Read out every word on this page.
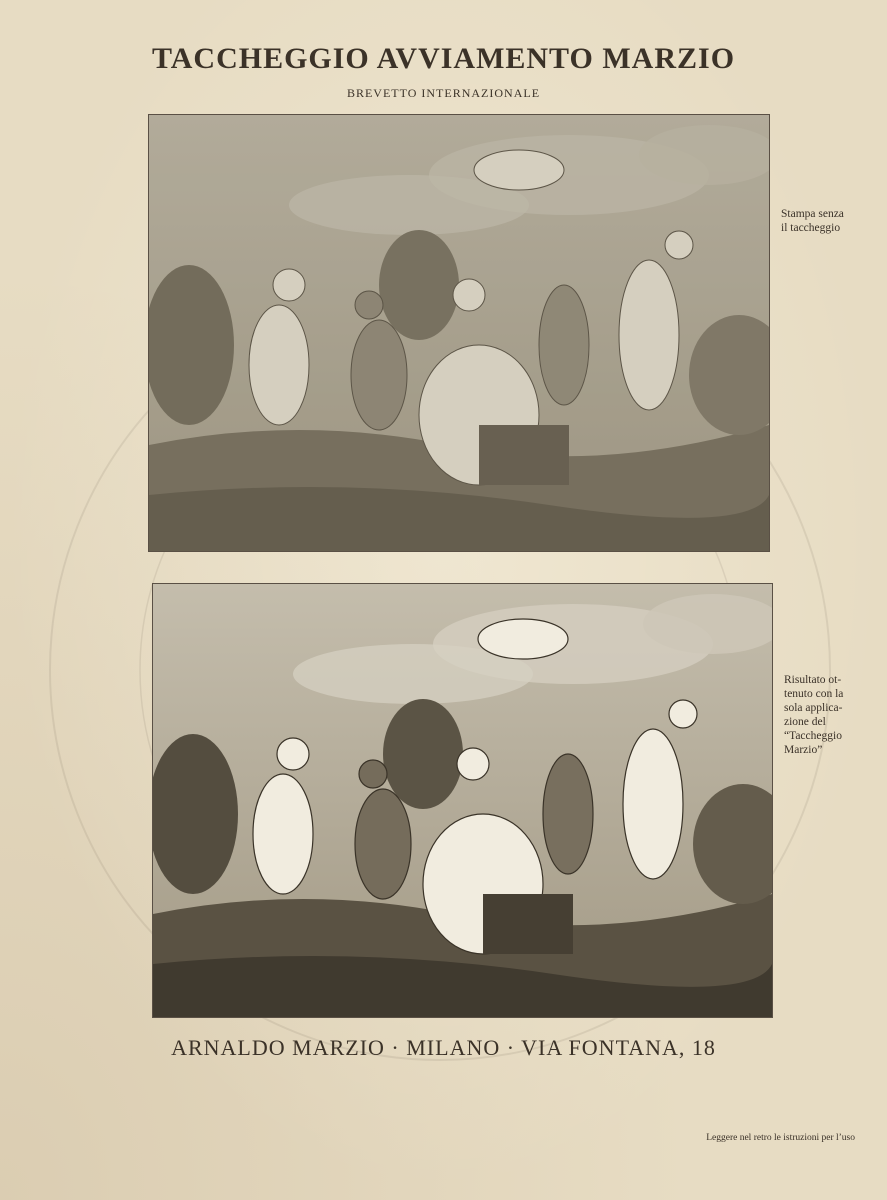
TACCHEGGIO AVVIAMENTO MARZIO
BREVETTO INTERNAZIONALE
Stampa senza
il taccheggio
Risultato ot-
tenuto con la
sola applica-
zione del
“Taccheggio
Marzio”
ARNALDO MARZIO · MILANO · VIA FONTANA, 18
Leggere nel retro le istruzioni per l’uso
